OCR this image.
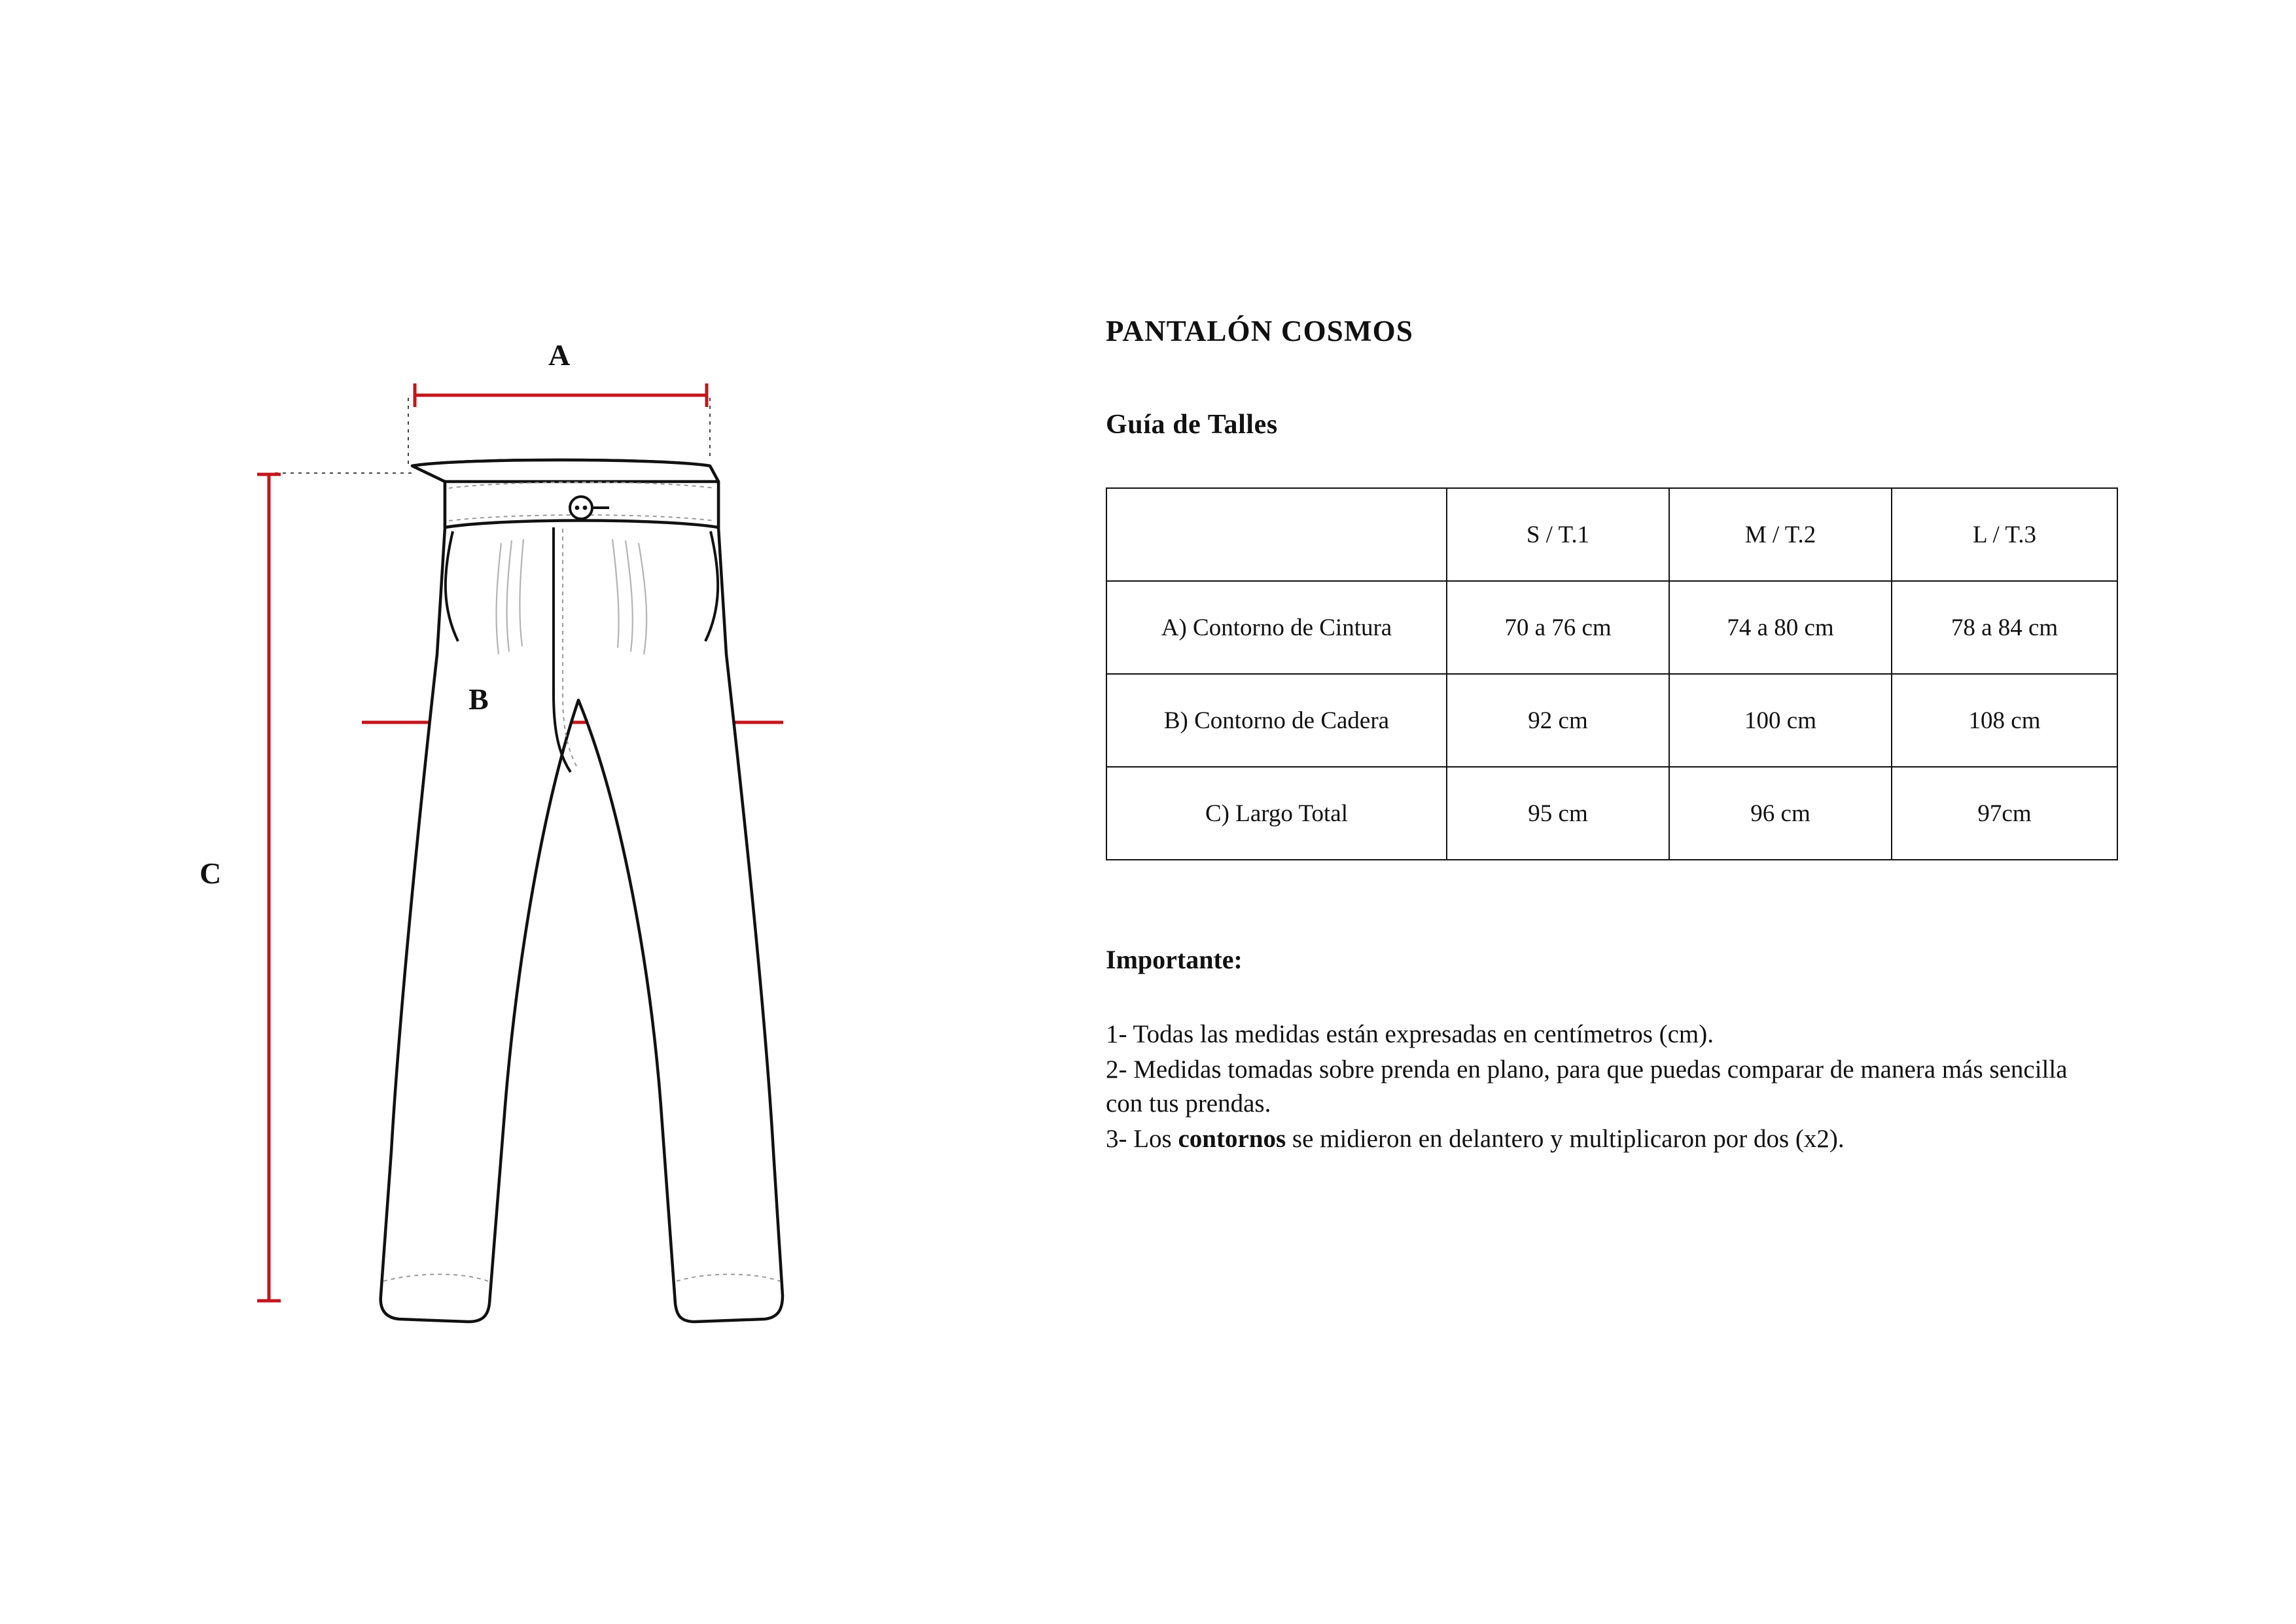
A
B
C
PANTALÓN COSMOS
Guía de Talles
	S / T.1	M / T.2	L / T.3
A) Contorno de Cintura	70 a 76 cm	74 a 80 cm	78 a 84 cm

B) Contorno de Cadera	92 cm	100 cm	108 cm

C) Largo Total	95 cm	96 cm	97cm
Importante:
1- Todas las medidas están expresadas en centímetros (cm).
2- Medidas tomadas sobre prenda en plano, para que puedas comparar de manera más sencilla con tus prendas.
3- Los contornos se midieron en delantero y multiplicaron por dos (x2).
